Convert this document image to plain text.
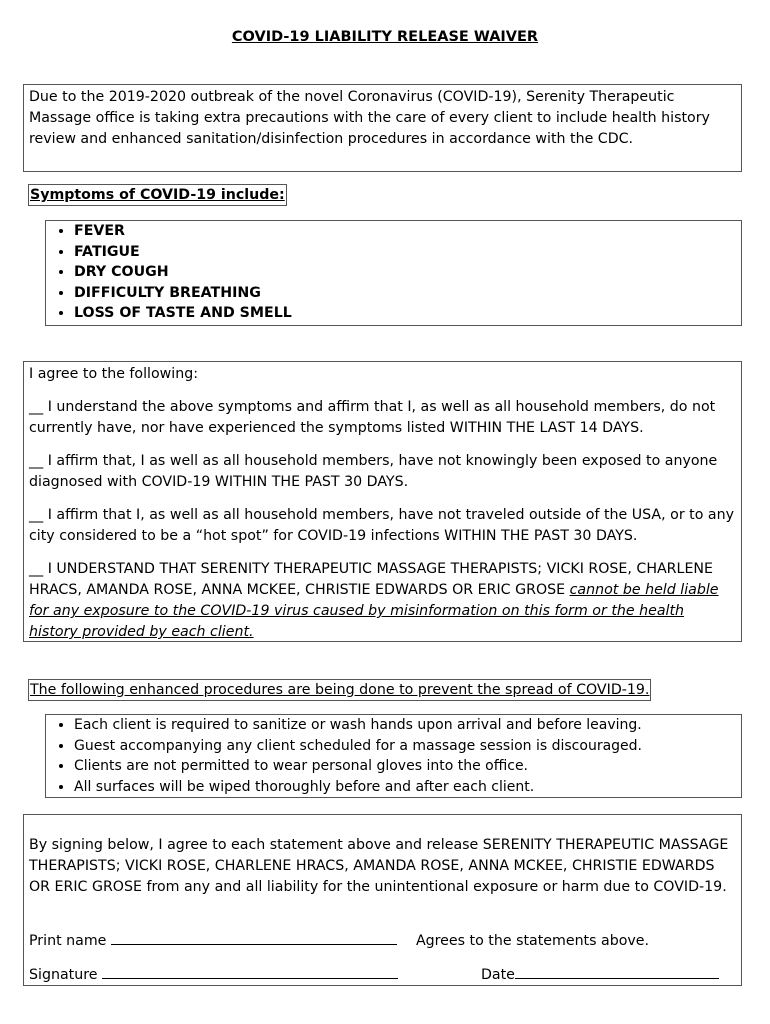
COVID-19 LIABILITY RELEASE WAIVER
Due to the 2019-2020 outbreak of the novel Coronavirus (COVID-19), Serenity Therapeutic Massage office is taking extra precautions with the care of every client to include health history review and enhanced sanitation/disinfection procedures in accordance with the CDC.
Symptoms of COVID-19 include:
• FEVER
• FATIGUE
• DRY COUGH
• DIFFICULTY BREATHING
• LOSS OF TASTE AND SMELL

I agree to the following:

__ I understand the above symptoms and affirm that I, as well as all household members, do not currently have, nor have experienced the symptoms listed WITHIN THE LAST 14 DAYS.

__ I affirm that, I as well as all household members, have not knowingly been exposed to anyone diagnosed with COVID-19 WITHIN THE PAST 30 DAYS.

__ I affirm that I, as well as all household members, have not traveled outside of the USA, or to any city considered to be a “hot spot” for COVID-19 infections WITHIN THE PAST 30 DAYS.

__ I UNDERSTAND THAT SERENITY THERAPEUTIC MASSAGE THERAPISTS; VICKI ROSE, CHARLENE HRACS, AMANDA ROSE, ANNA MCKEE, CHRISTIE EDWARDS OR ERIC GROSE cannot be held liable for any exposure to the COVID-19 virus caused by misinformation on this form or the health history provided by each client.

The following enhanced procedures are being done to prevent the spread of COVID-19.
• Each client is required to sanitize or wash hands upon arrival and before leaving.
• Guest accompanying any client scheduled for a massage session is discouraged.
• Clients are not permitted to wear personal gloves into the office.
• All surfaces will be wiped thoroughly before and after each client.

By signing below, I agree to each statement above and release SERENITY THERAPEUTIC MASSAGE THERAPISTS; VICKI ROSE, CHARLENE HRACS, AMANDA ROSE, ANNA MCKEE, CHRISTIE EDWARDS OR ERIC GROSE from any and all liability for the unintentional exposure or harm due to COVID-19.

Print name	Agrees to the statements above.
Signature	Date
